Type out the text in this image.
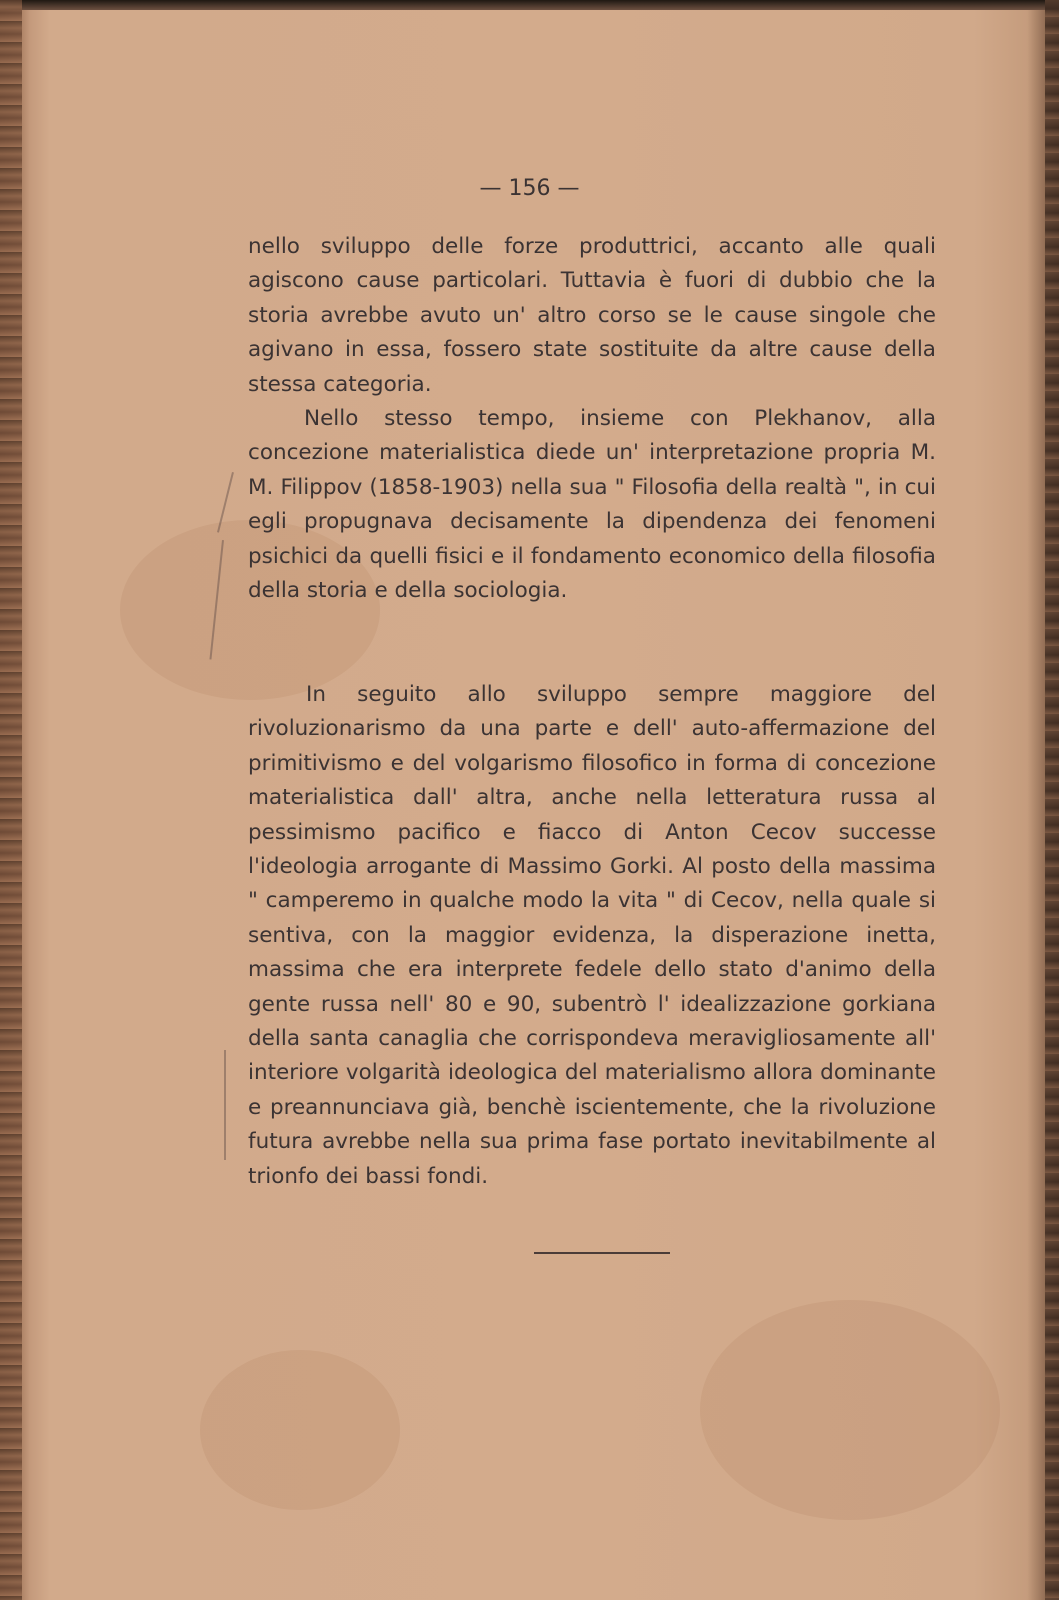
— 156 —

nello sviluppo delle forze produttrici, accanto alle quali agiscono cause particolari. Tuttavia è fuori di dubbio che la storia avrebbe avuto un' altro corso se le cause singole che agivano in essa, fossero state sostituite da altre cause della stessa categoria.

Nello stesso tempo, insieme con Plekhanov, alla concezione materialistica diede un' interpretazione propria M. M. Filippov (1858-1903) nella sua " Filosofia della realtà ", in cui egli propugnava decisamente la dipendenza dei fenomeni psichici da quelli fisici e il fondamento economico della filosofia della storia e della sociologia.

In seguito allo sviluppo sempre maggiore del rivoluzionarismo da una parte e dell' auto-affermazione del primitivismo e del volgarismo filosofico in forma di concezione materialistica dall' altra, anche nella letteratura russa al pessimismo pacifico e fiacco di Anton Cecov successe l'ideologia arrogante di Massimo Gorki. Al posto della massima " camperemo in qualche modo la vita " di Cecov, nella quale si sentiva, con la maggior evidenza, la disperazione inetta, massima che era interprete fedele dello stato d'animo della gente russa nell' 80 e 90, subentrò l' idealizzazione gorkiana della santa canaglia che corrispondeva meravigliosamente all' interiore volgarità ideologica del materialismo allora dominante e preannunciava già, benchè iscientemente, che la rivoluzione futura avrebbe nella sua prima fase portato inevitabilmente al trionfo dei bassi fondi.
